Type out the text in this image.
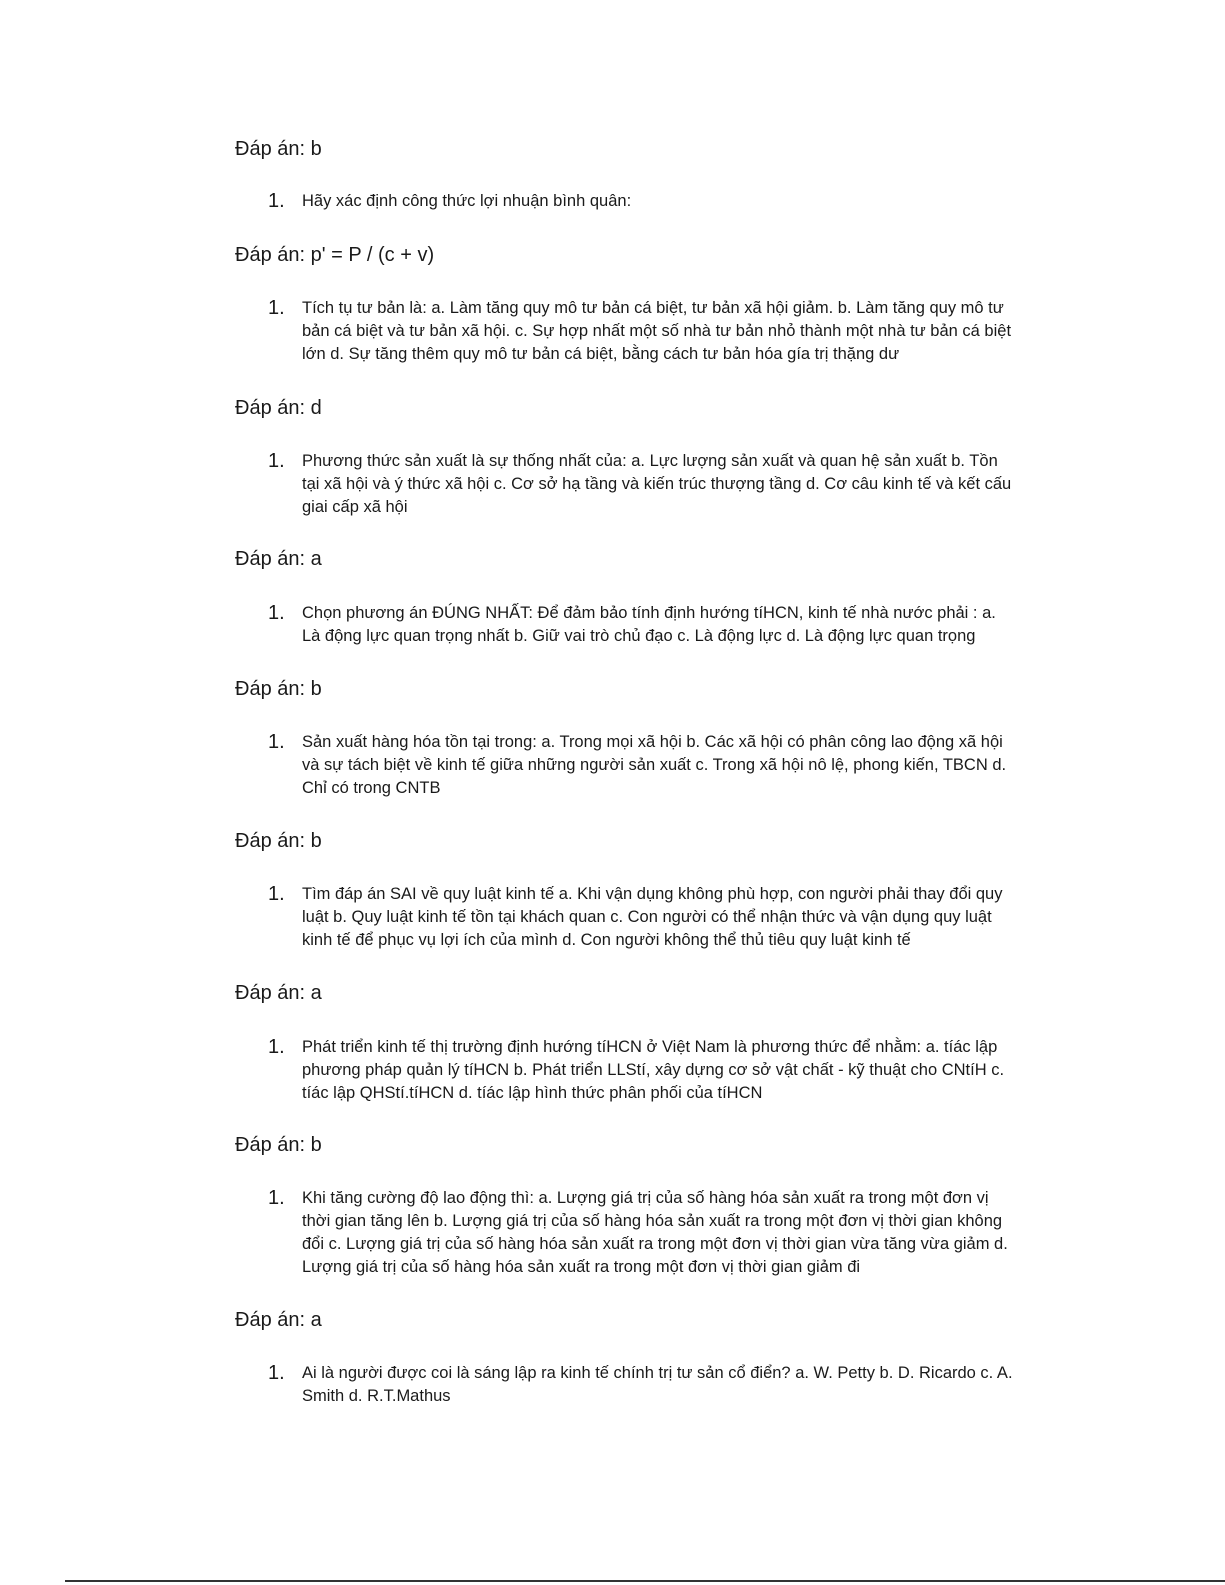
Đáp án: b
1. Hãy xác định công thức lợi nhuận bình quân:
Đáp án: p' = P / (c + v)
1. Tích tụ tư bản là: a. Làm tăng quy mô tư bản cá biệt, tư bản xã hội giảm. b. Làm tăng quy mô tư bản cá biệt và tư bản xã hội. c. Sự hợp nhất một số nhà tư bản nhỏ thành một nhà tư bản cá biệt lớn d. Sự tăng thêm quy mô tư bản cá biệt, bằng cách tư bản hóa gía trị thặng dư
Đáp án: d
1. Phương thức sản xuất là sự thống nhất của: a. Lực lượng sản xuất và quan hệ sản xuất b. Tồn tại xã hội và ý thức xã hội c. Cơ sở hạ tầng và kiến trúc thượng tầng d. Cơ câu kinh tế và kết cấu giai cấp xã hội
Đáp án: a
1. Chọn phương án ĐÚNG NHẤT: Để đảm bảo tính định hướng tíHCN, kinh tế nhà nước phải : a. Là động lực quan trọng nhất b. Giữ vai trò chủ đạo c. Là động lực d. Là động lực quan trọng
Đáp án: b
1. Sản xuất hàng hóa tồn tại trong: a. Trong mọi xã hội b. Các xã hội có phân công lao động xã hội và sự tách biệt về kinh tế giữa những người sản xuất c. Trong xã hội nô lệ, phong kiến, TBCN d. Chỉ có trong CNTB
Đáp án: b
1. Tìm đáp án SAI về quy luật kinh tế a. Khi vận dụng không phù hợp, con người phải thay đổi quy luật b. Quy luật kinh tế tồn tại khách quan c. Con người có thể nhận thức và vận dụng quy luật kinh tế để phục vụ lợi ích của mình d. Con người không thể thủ tiêu quy luật kinh tế
Đáp án: a
1. Phát triển kinh tế thị trường định hướng tíHCN ở Việt Nam là phương thức để nhằm: a. tíác lập phương pháp quản lý tíHCN b. Phát triển LLStí, xây dựng cơ sở vật chất - kỹ thuật cho CNtíH c. tíác lập QHStí.tíHCN d. tíác lập hình thức phân phối của tíHCN
Đáp án: b
1. Khi tăng cường độ lao động thì: a. Lượng giá trị của số hàng hóa sản xuất ra trong một đơn vị thời gian tăng lên b. Lượng giá trị của số hàng hóa sản xuất ra trong một đơn vị thời gian không đổi c. Lượng giá trị của số hàng hóa sản xuất ra trong một đơn vị thời gian vừa tăng vừa giảm d. Lượng giá trị của số hàng hóa sản xuất ra trong một đơn vị thời gian giảm đi
Đáp án: a
1. Ai là người được coi là sáng lập ra kinh tế chính trị tư sản cổ điển? a. W. Petty b. D. Ricardo c. A. Smith d. R.T.Mathus
